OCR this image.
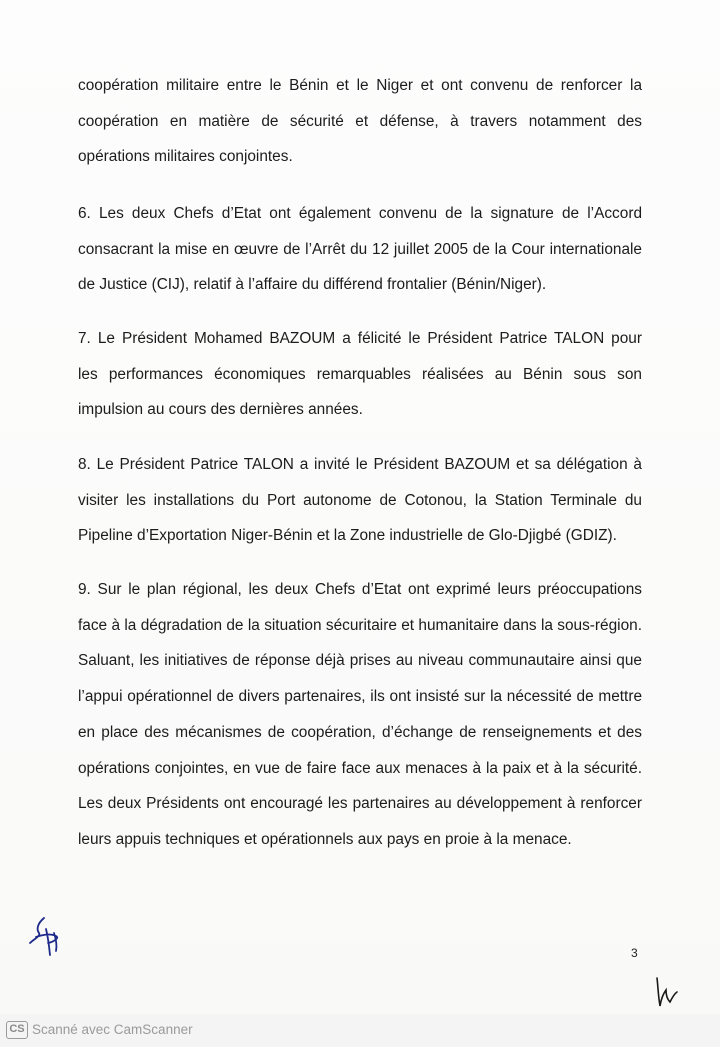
coopération militaire entre le Bénin et le Niger et ont convenu de renforcer la
coopération en matière de sécurité et défense, à travers notamment des
opérations militaires conjointes.
6. Les deux Chefs d’Etat ont également convenu de la signature de l’Accord
consacrant la mise en œuvre de l’Arrêt du 12 juillet 2005 de la Cour internationale
de Justice (CIJ), relatif à l’affaire du différend frontalier (Bénin/Niger).
7. Le Président Mohamed BAZOUM a félicité le Président Patrice TALON pour
les performances économiques remarquables réalisées au Bénin sous son
impulsion au cours des dernières années.
8. Le Président Patrice TALON a invité le Président BAZOUM et sa délégation à
visiter les installations du Port autonome de Cotonou, la Station Terminale du
Pipeline d’Exportation Niger-Bénin et la Zone industrielle de Glo-Djigbé (GDIZ).
9. Sur le plan régional, les deux Chefs d’Etat ont exprimé leurs préoccupations
face à la dégradation de la situation sécuritaire et humanitaire dans la sous-région.
Saluant, les initiatives de réponse déjà prises au niveau communautaire ainsi que
l’appui opérationnel de divers partenaires, ils ont insisté sur la nécessité de mettre
en place des mécanismes de coopération, d’échange de renseignements et des
opérations conjointes, en vue de faire face aux menaces à la paix et à la sécurité.
Les deux Présidents ont encouragé les partenaires au développement à renforcer
leurs appuis techniques et opérationnels aux pays en proie à la menace.
3
CS Scanné avec CamScanner
